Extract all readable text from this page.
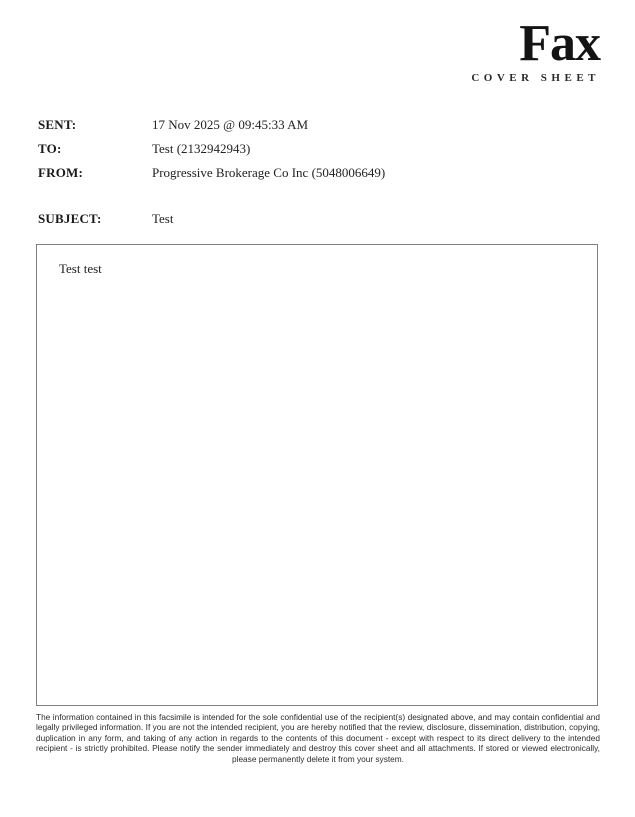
Fax
COVER SHEET
SENT:	17 Nov 2025 @ 09:45:33 AM
TO:	Test (2132942943)
FROM:	Progressive Brokerage Co Inc (5048006649)
SUBJECT:	Test
Test test
The information contained in this facsimile is intended for the sole confidential use of the recipient(s) designated above, and may contain confidential and legally privileged information. If you are not the intended recipient, you are hereby notified that the review, disclosure, dissemination, distribution, copying, duplication in any form, and taking of any action in regards to the contents of this document - except with respect to its direct delivery to the intended recipient - is strictly prohibited. Please notify the sender immediately and destroy this cover sheet and all attachments. If stored or viewed electronically, please permanently delete it from your system.
